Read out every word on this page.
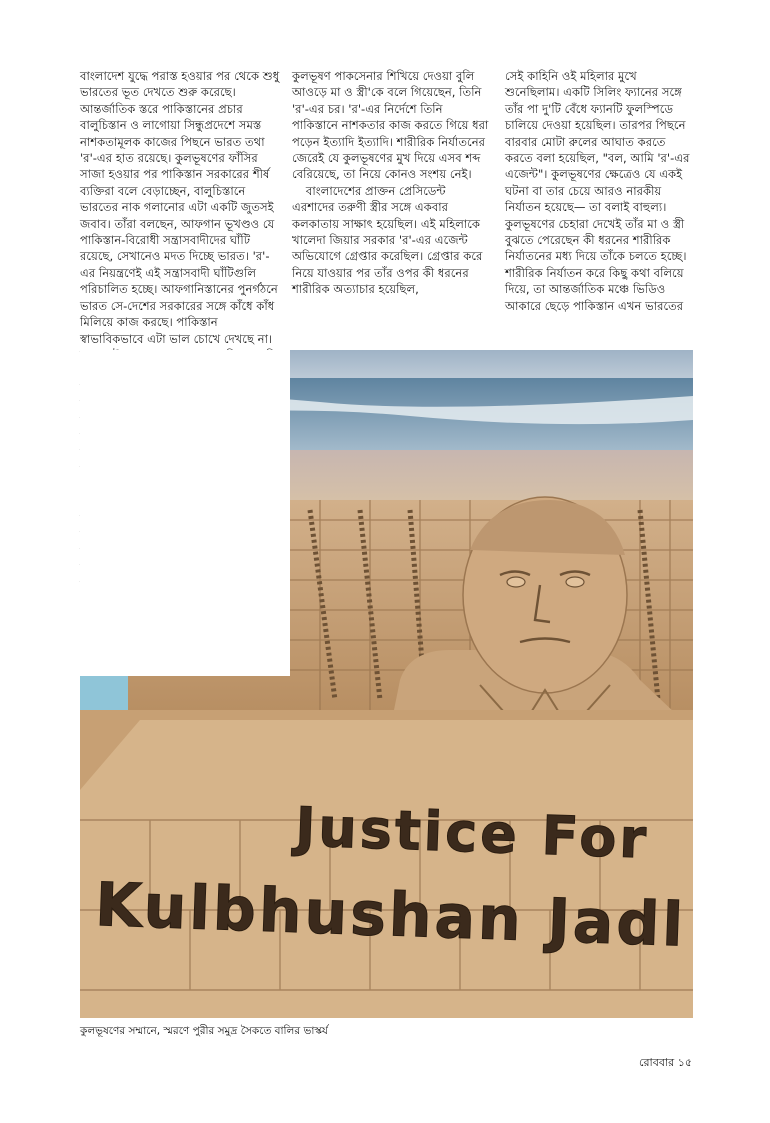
বাংলাদেশ যুদ্ধে পরাস্ত হওয়ার পর থেকে শুধু ভারতের ভূত দেখতে শুরু করেছে। আন্তর্জাতিক স্তরে পাকিস্তানের প্রচার বালুচিস্তান ও লাগোয়া সিন্ধুপ্রদেশে সমস্ত নাশকতামূলক কাজের পিছনে ভারত তথা 'র'-এর হাত রয়েছে। কুলভূষণের ফাঁসির সাজা হওয়ার পর পাকিস্তান সরকারের শীর্ষ ব্যক্তিরা বলে বেড়াচ্ছেন, বালুচিস্তানে ভারতের নাক গলানোর এটা একটি জুতসই জবাব। তাঁরা বলছেন, আফগান ভূখণ্ডও যে পাকিস্তান-বিরোধী সন্ত্রাসবাদীদের ঘাঁটি রয়েছে, সেখানেও মদত দিচ্ছে ভারত। 'র'-এর নিয়ন্ত্রণেই এই সন্ত্রাসবাদী ঘাঁটিগুলি পরিচালিত হচ্ছে। আফগানিস্তানের পুনর্গঠনে ভারত সে-দেশের সরকারের সঙ্গে কাঁধে কাঁধ মিলিয়ে কাজ করছে। পাকিস্তান স্বাভাবিকভাবে এটা ভাল চোখে দেখছে না।

কুলভূষণ পাকসেনার শিখিয়ে দেওয়া বুলি আওড়ে মা ও স্ত্রী'কে বলে গিয়েছেন, তিনি 'র'-এর চর। 'র'-এর নির্দেশে তিনি পাকিস্তানে নাশকতার কাজ করতে গিয়ে ধরা পড়েন ইত্যাদি ইত্যাদি। শারীরিক নির্যাতনের জেরেই যে কুলভূষণের মুখ দিয়ে এসব শব্দ বেরিয়েছে, তা নিয়ে কোনও সংশয় নেই।

বাংলাদেশের প্রাক্তন প্রেসিডেন্ট এরশাদের তরুণী স্ত্রীর সঙ্গে একবার কলকাতায় সাক্ষাৎ হয়েছিল। এই মহিলাকে খালেদা জিয়ার সরকার 'র'-এর এজেন্ট অভিযোগে গ্রেপ্তার করেছিল। গ্রেপ্তার করে নিয়ে যাওয়ার পর তাঁর ওপর কী ধরনের শারীরিক অত্যাচার হয়েছিল,

সেই কাহিনি ওই মহিলার মুখে শুনেছিলাম। একটি সিলিং ফ্যানের সঙ্গে তাঁর পা দু'টি বেঁধে ফ্যানটি ফুলস্পিডে চালিয়ে দেওয়া হয়েছিল। তারপর পিছনে বারবার মোটা রুলের আঘাত করতে করতে বলা হয়েছিল, "বল, আমি 'র'-এর এজেন্ট"। কুলভূষণের ক্ষেত্রেও যে একই ঘটনা বা তার চেয়ে আরও নারকীয় নির্যাতন হয়েছে— তা বলাই বাহুল্য। কুলভূষণের চেহারা দেখেই তাঁর মা ও স্ত্রী বুঝতে পেরেছেন কী ধরনের শারীরিক নির্যাতনের মধ্য দিয়ে তাঁকে চলতে হচ্ছে। শারীরিক নির্যাতন করে কিছু কথা বলিয়ে দিয়ে, তা আন্তর্জাতিক মঞ্চে ভিডিও আকারে ছেড়ে পাকিস্তান এখন ভারতের

Justice For
Kulbhushan Jadl
কুলভূষণের সম্মানে, স্মরণে পুরীর সমুদ্র সৈকতে বালির ভাস্কর্য
রোববার ১৫
